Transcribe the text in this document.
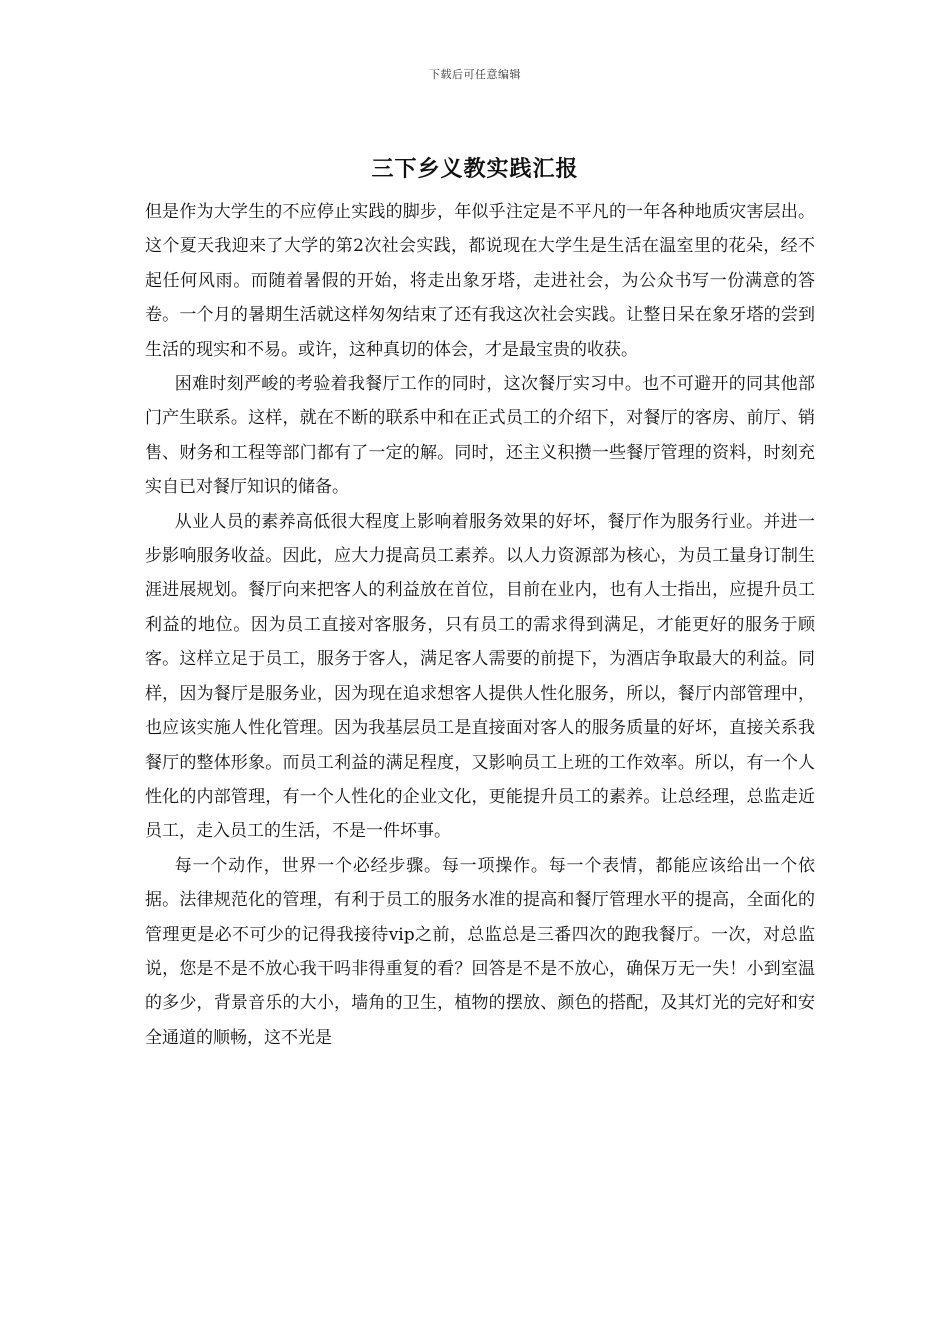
下载后可任意编辑
三下乡义教实践汇报

但是作为大学生的不应停止实践的脚步，年似乎注定是不平凡的一年各种地质灾害层出。这个夏天我迎来了大学的第2次社会实践，都说现在大学生是生活在温室里的花朵，经不起任何风雨。而随着暑假的开始，将走出象牙塔，走进社会，为公众书写一份满意的答卷。一个月的暑期生活就这样匆匆结束了还有我这次社会实践。让整日呆在象牙塔的尝到生活的现实和不易。或许，这种真切的体会，才是最宝贵的收获。

困难时刻严峻的考验着我餐厅工作的同时，这次餐厅实习中。也不可避开的同其他部门产生联系。这样，就在不断的联系中和在正式员工的介绍下，对餐厅的客房、前厅、销售、财务和工程等部门都有了一定的解。同时，还主义积攒一些餐厅管理的资料，时刻充实自已对餐厅知识的储备。

从业人员的素养高低很大程度上影响着服务效果的好坏，餐厅作为服务行业。并进一步影响服务收益。因此，应大力提高员工素养。以人力资源部为核心，为员工量身订制生涯进展规划。餐厅向来把客人的利益放在首位，目前在业内，也有人士指出，应提升员工利益的地位。因为员工直接对客服务，只有员工的需求得到满足，才能更好的服务于顾客。这样立足于员工，服务于客人，满足客人需要的前提下，为酒店争取最大的利益。同样，因为餐厅是服务业，因为现在追求想客人提供人性化服务，所以，餐厅内部管理中，也应该实施人性化管理。因为我基层员工是直接面对客人的服务质量的好坏，直接关系我餐厅的整体形象。而员工利益的满足程度，又影响员工上班的工作效率。所以，有一个人性化的内部管理，有一个人性化的企业文化，更能提升员工的素养。让总经理，总监走近员工，走入员工的生活，不是一件坏事。

每一个动作，世界一个必经步骤。每一项操作。每一个表情，都能应该给出一个依据。法律规范化的管理，有利于员工的服务水准的提高和餐厅管理水平的提高，全面化的管理更是必不可少的记得我接待vip之前，总监总是三番四次的跑我餐厅。一次，对总监说，您是不是不放心我干吗非得重复的看？回答是不是不放心，确保万无一失！小到室温的多少，背景音乐的大小，墙角的卫生，植物的摆放、颜色的搭配，及其灯光的完好和安全通道的顺畅，这不光是
